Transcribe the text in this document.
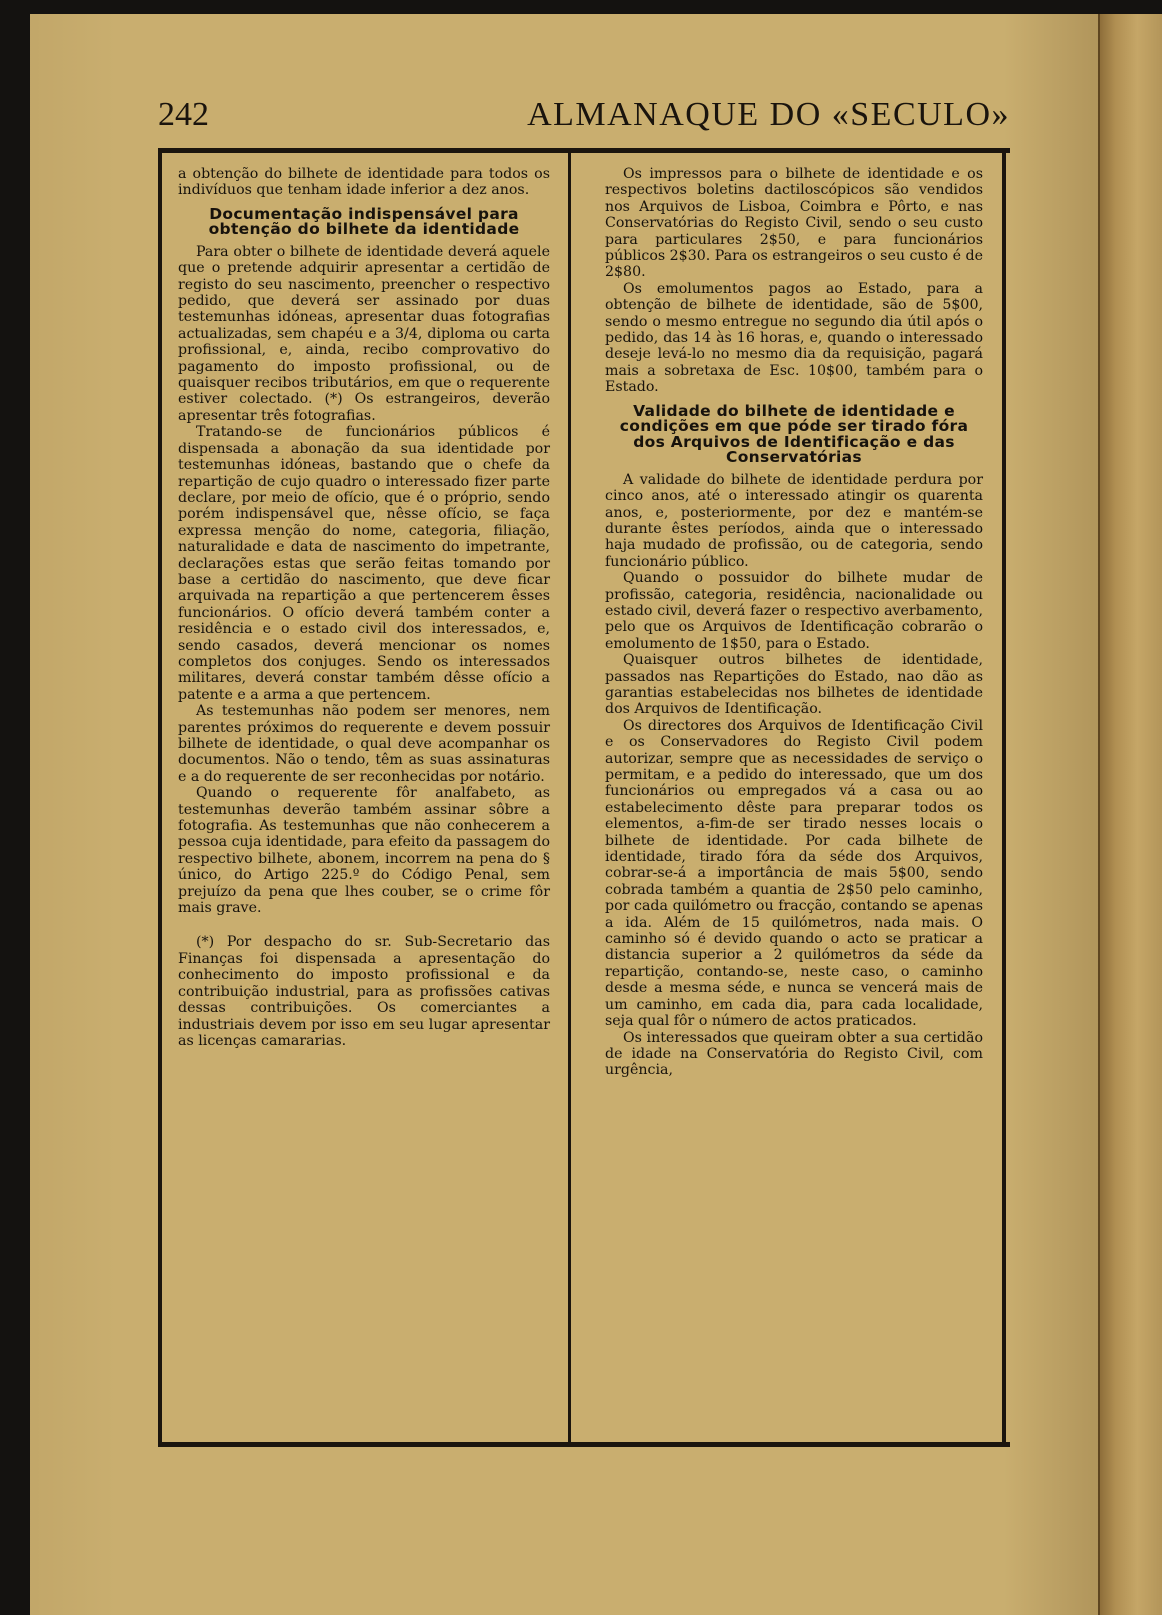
242	ALMANAQUE DO «SECULO»

a obtenção do bilhete de identidade para todos os indivíduos que tenham idade inferior a dez anos.

Documentação indispensável para obtenção do bilhete da identidade

Para obter o bilhete de identidade deverá aquele que o pretende adquirir apresentar a certidão de registo do seu nascimento, preencher o respectivo pedido, que deverá ser assinado por duas testemunhas idóneas, apresentar duas fotografias actualizadas, sem chapéu e a 3/4, diploma ou carta profissional, e, ainda, recibo comprovativo do pagamento do imposto profissional, ou de quaisquer recibos tributários, em que o requerente estiver colectado. (*) Os estrangeiros, deverão apresentar três fotografias.

Tratando-se de funcionários públicos é dispensada a abonação da sua identidade por testemunhas idóneas, bastando que o chefe da repartição de cujo quadro o interessado fizer parte declare, por meio de ofício, que é o próprio, sendo porém indispensável que, nêsse ofício, se faça expressa menção do nome, categoria, filiação, naturalidade e data de nascimento do impetrante, declarações estas que serão feitas tomando por base a certidão do nascimento, que deve ficar arquivada na repartição a que pertencerem êsses funcionários. O ofício deverá também conter a residência e o estado civil dos interessados, e, sendo casados, deverá mencionar os nomes completos dos conjuges. Sendo os interessados militares, deverá constar também dêsse ofício a patente e a arma a que pertencem.

As testemunhas não podem ser menores, nem parentes próximos do requerente e devem possuir bilhete de identidade, o qual deve acompanhar os documentos. Não o tendo, têm as suas assinaturas e a do requerente de ser reconhecidas por notário.

Quando o requerente fôr analfabeto, as testemunhas deverão também assinar sôbre a fotografia. As testemunhas que não conhecerem a pessoa cuja identidade, para efeito da passagem do respectivo bilhete, abonem, incorrem na pena do § único, do Artigo 225.º do Código Penal, sem prejuízo da pena que lhes couber, se o crime fôr mais grave.

(*) Por despacho do sr. Sub-Secretario das Finanças foi dispensada a apresentação do conhecimento do imposto profissional e da contribuição industrial, para as profissões cativas dessas contribuições. Os comerciantes a industriais devem por isso em seu lugar apresentar as licenças camararias.

Os impressos para o bilhete de identidade e os respectivos boletins dactiloscópicos são vendidos nos Arquivos de Lisboa, Coimbra e Pôrto, e nas Conservatórias do Registo Civil, sendo o seu custo para particulares 2$50, e para funcionários públicos 2$30. Para os estrangeiros o seu custo é de 2$80.

Os emolumentos pagos ao Estado, para a obtenção de bilhete de identidade, são de 5$00, sendo o mesmo entregue no segundo dia útil após o pedido, das 14 às 16 horas, e, quando o interessado deseje levá-lo no mesmo dia da requisição, pagará mais a sobretaxa de Esc. 10$00, também para o Estado.

Validade do bilhete de identidade e condições em que póde ser tirado fóra dos Arquivos de Identificação e das Conservatórias

A validade do bilhete de identidade perdura por cinco anos, até o interessado atingir os quarenta anos, e, posteriormente, por dez e mantém-se durante êstes períodos, ainda que o interessado haja mudado de profissão, ou de categoria, sendo funcionário público.

Quando o possuidor do bilhete mudar de profissão, categoria, residência, nacionalidade ou estado civil, deverá fazer o respectivo averbamento, pelo que os Arquivos de Identificação cobrarão o emolumento de 1$50, para o Estado.

Quaisquer outros bilhetes de identidade, passados nas Repartições do Estado, nao dão as garantias estabelecidas nos bilhetes de identidade dos Arquivos de Identificação.

Os directores dos Arquivos de Identificação Civil e os Conservadores do Registo Civil podem autorizar, sempre que as necessidades de serviço o permitam, e a pedido do interessado, que um dos funcionários ou empregados vá a casa ou ao estabelecimento dêste para preparar todos os elementos, a-fim-de ser tirado nesses locais o bilhete de identidade. Por cada bilhete de identidade, tirado fóra da séde dos Arquivos, cobrar-se-á a importância de mais 5$00, sendo cobrada também a quantia de 2$50 pelo caminho, por cada quilómetro ou fracção, contando se apenas a ida. Além de 15 quilómetros, nada mais. O caminho só é devido quando o acto se praticar a distancia superior a 2 quilómetros da séde da repartição, contando-se, neste caso, o caminho desde a mesma séde, e nunca se vencerá mais de um caminho, em cada dia, para cada localidade, seja qual fôr o número de actos praticados.

Os interessados que queiram obter a sua certidão de idade na Conservatória do Registo Civil, com urgência,
